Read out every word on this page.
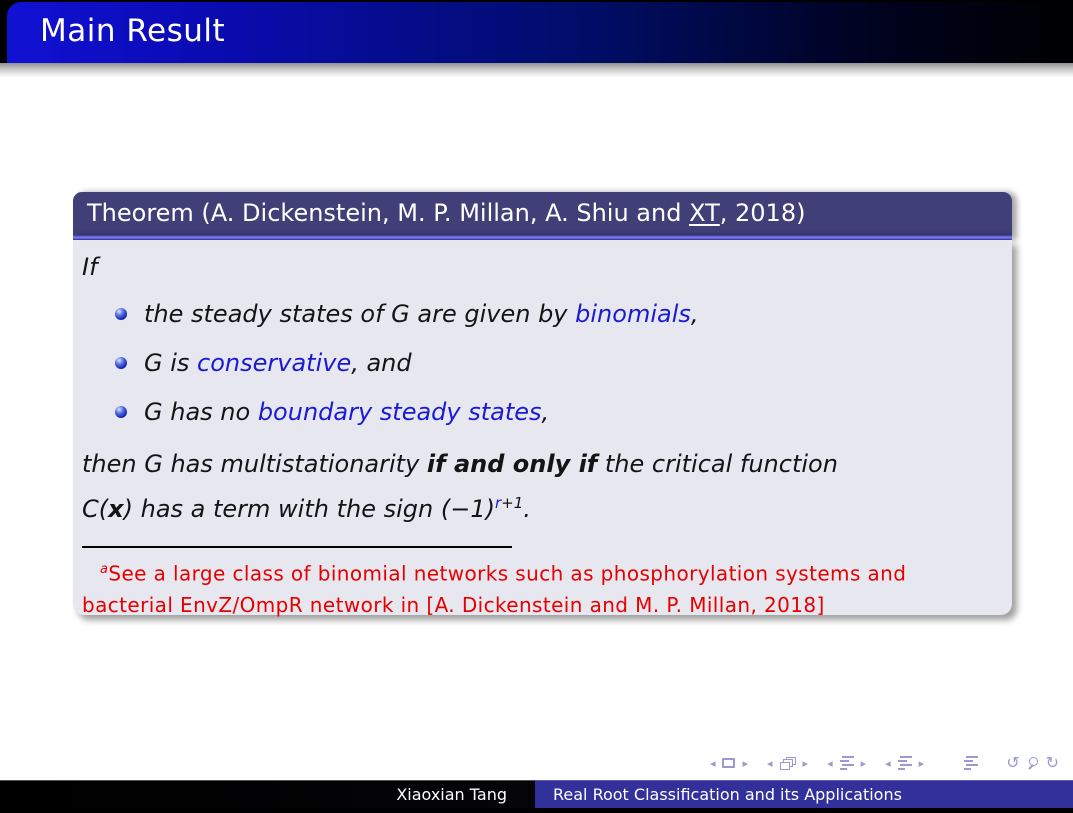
Main Result
Theorem (A. Dickenstein, M. P. Millan, A. Shiu and XT, 2018)
If
the steady states of G are given by binomials,
G is conservative, and
G has no boundary steady states,
then G has multistationarity if and only if the critical function
C(x) has a term with the sign $(-1)^{r+1}$.
$^a$See a large class of binomial networks such as phosphorylation systems and
bacterial EnvZ/OmpR network in [A. Dickenstein and M. P. Millan, 2018]
◂ ▸ ◂	▸ ◂	▸ ◂	▸	↺ ↻
Xiaoxian Tang	Real Root Classification and its Applications
